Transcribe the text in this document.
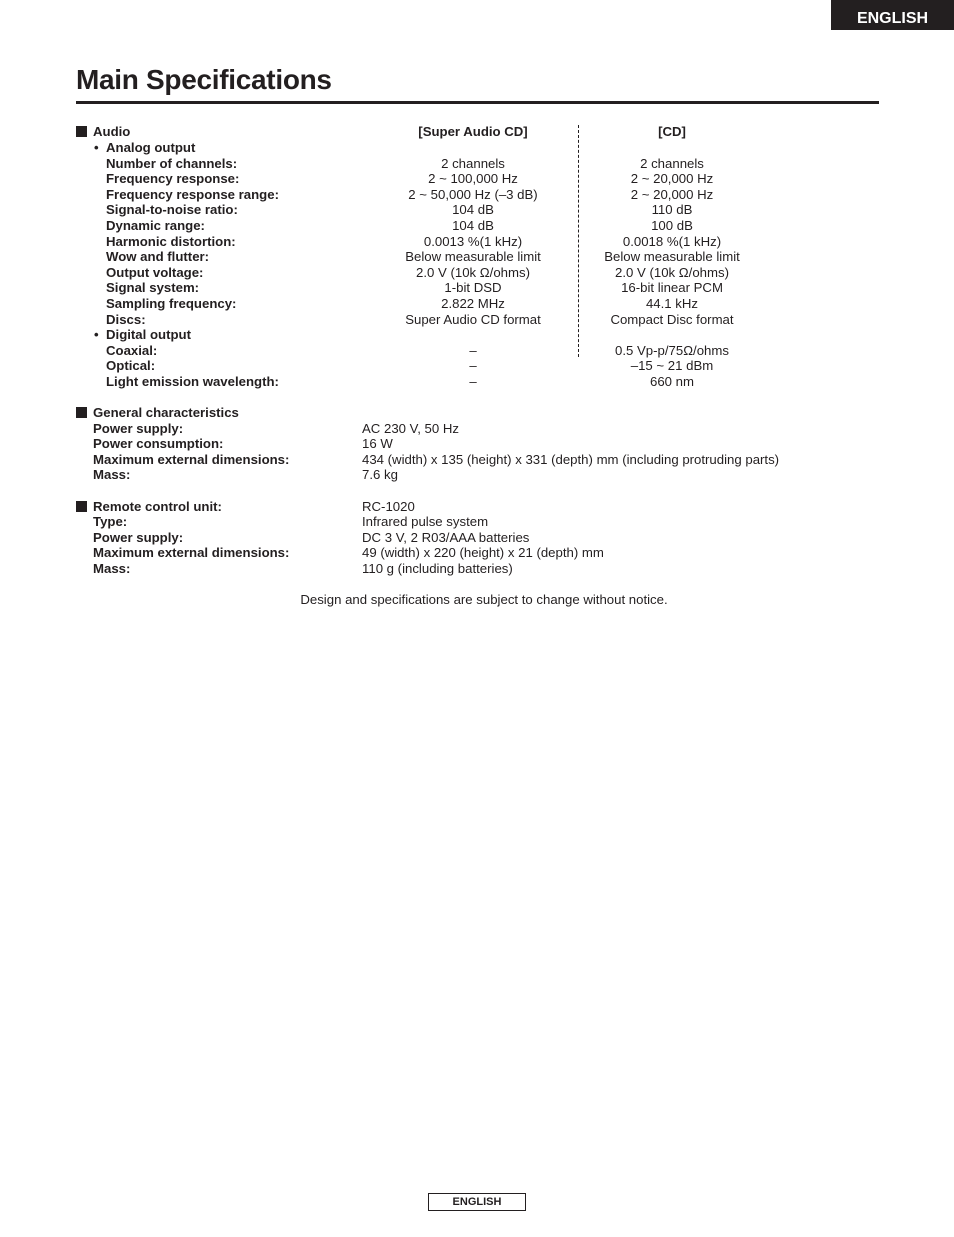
ENGLISH
Main Specifications
Audio	[Super Audio CD]	[CD]
• Analog output
Number of channels:	2 channels	2 channels
Frequency response:	2 ~ 100,000 Hz	2 ~ 20,000 Hz
Frequency response range:	2 ~ 50,000 Hz (–3 dB)	2 ~ 20,000 Hz
Signal-to-noise ratio:	104 dB	110 dB
Dynamic range:	104 dB	100 dB
Harmonic distortion:	0.0013 %(1 kHz)	0.0018 %(1 kHz)
Wow and flutter:	Below measurable limit	Below measurable limit
Output voltage:	2.0 V (10k Ω/ohms)	2.0 V (10k Ω/ohms)
Signal system:	1-bit DSD	16-bit linear PCM
Sampling frequency:	2.822 MHz	44.1 kHz
Discs:	Super Audio CD format	Compact Disc format
• Digital output
Coaxial:	–	0.5 Vp-p/75Ω/ohms
Optical:	–	–15 ~ 21 dBm
Light emission wavelength:	–	660 nm
General characteristics
Power supply:	AC 230 V, 50 Hz
Power consumption:	16 W
Maximum external dimensions:	434 (width) x 135 (height) x 331 (depth) mm (including protruding parts)
Mass:	7.6 kg
Remote control unit:	RC-1020
Type:	Infrared pulse system
Power supply:	DC 3 V, 2 R03/AAA batteries
Maximum external dimensions:	49 (width) x 220 (height) x 21 (depth) mm
Mass:	110 g (including batteries)
Design and specifications are subject to change without notice.
ENGLISH
